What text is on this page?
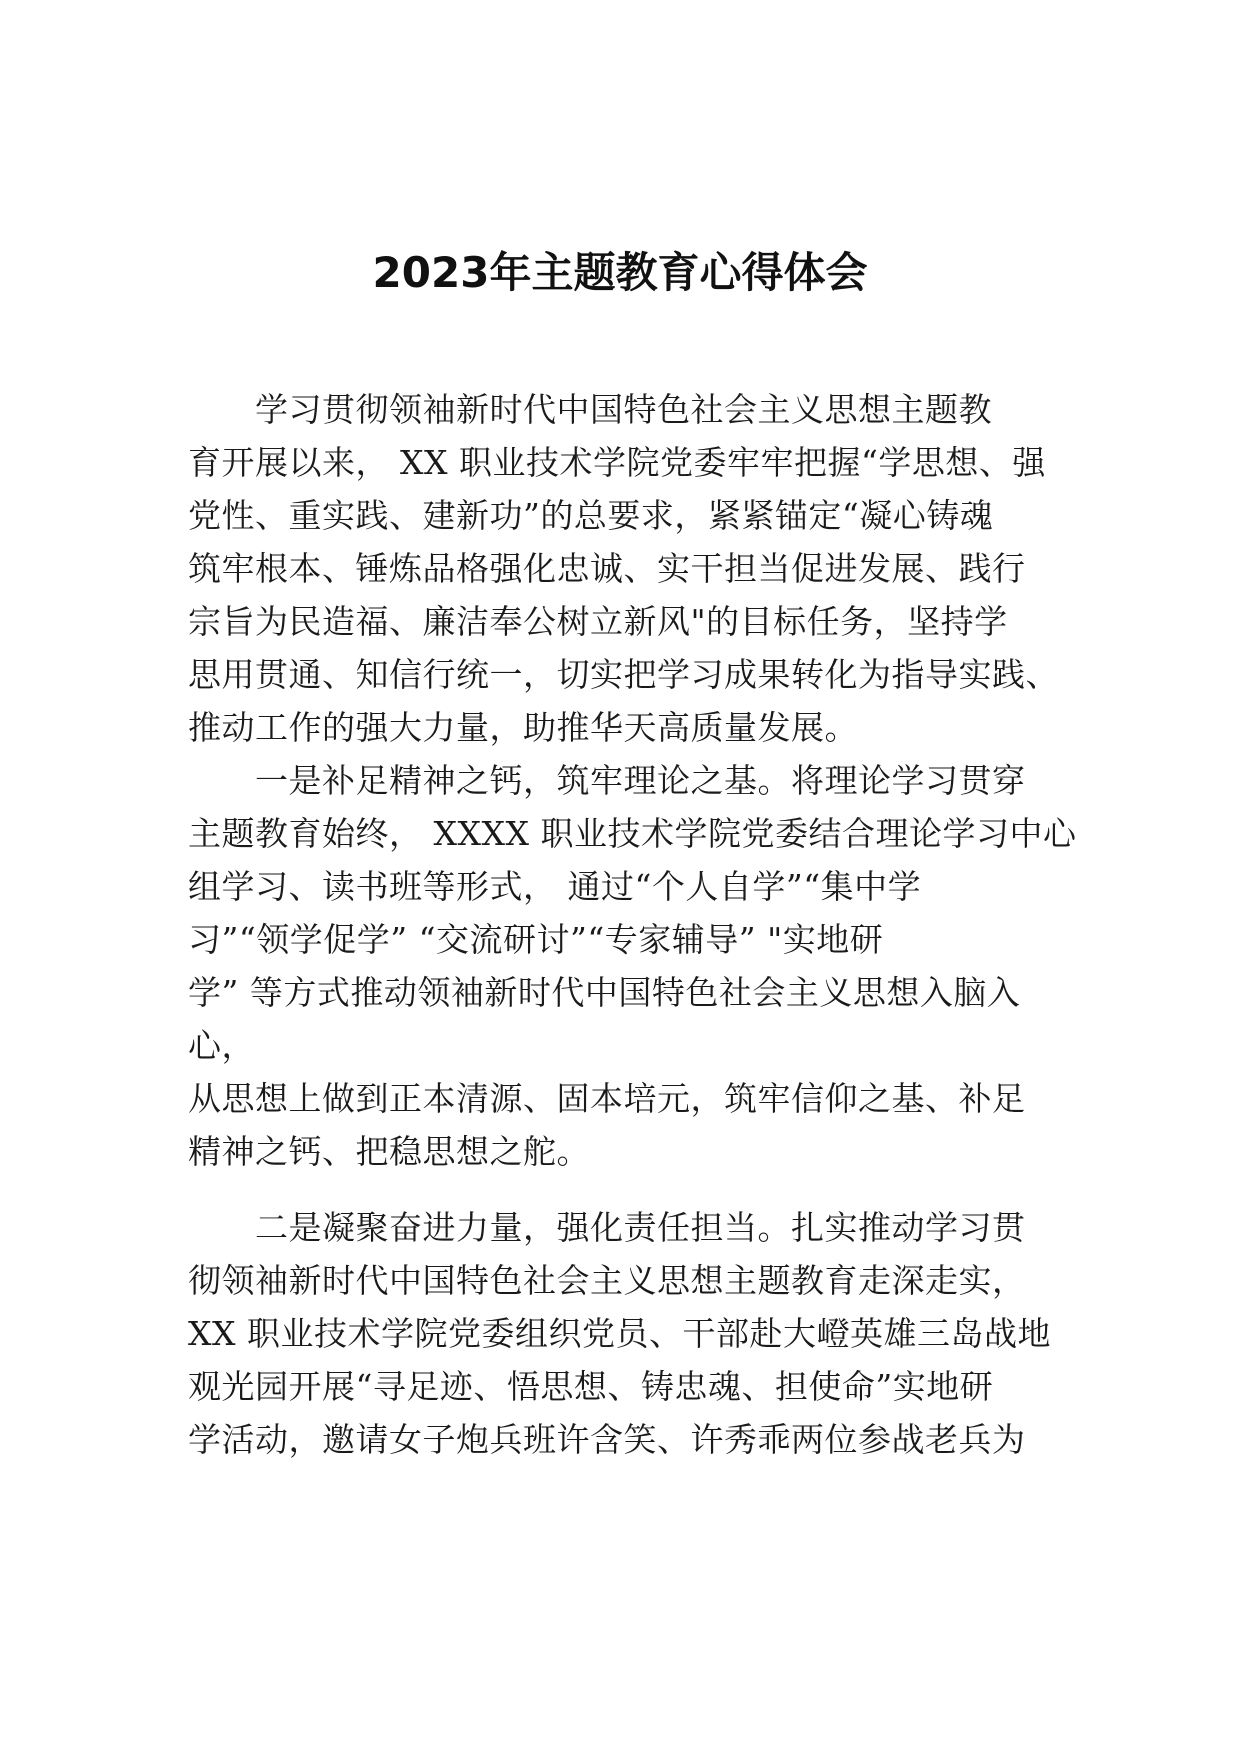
2023年主题教育心得体会

学习贯彻领袖新时代中国特色社会主义思想主题教

育开展以来， XX 职业技术学院党委牢牢把握“学思想、强

党性、重实践、建新功”的总要求，紧紧锚定“凝心铸魂

筑牢根本、锤炼品格强化忠诚、实干担当促进发展、践行

宗旨为民造福、廉洁奉公树立新风"的目标任务，坚持学

思用贯通、知信行统一，切实把学习成果转化为指导实践、

推动工作的强大力量，助推华天高质量发展。

一是补足精神之钙，筑牢理论之基。将理论学习贯穿

主题教育始终， XXXX 职业技术学院党委结合理论学习中心

组学习、读书班等形式， 通过“个人自学”“集中学

习”“领学促学” “交流研讨”“专家辅导” "实地研

学” 等方式推动领袖新时代中国特色社会主义思想入脑入

心，

从思想上做到正本清源、固本培元，筑牢信仰之基、补足

精神之钙、把稳思想之舵。

二是凝聚奋进力量，强化责任担当。扎实推动学习贯

彻领袖新时代中国特色社会主义思想主题教育走深走实，

XX 职业技术学院党委组织党员、干部赴大嶝英雄三岛战地

观光园开展“寻足迹、悟思想、铸忠魂、担使命”实地研

学活动，邀请女子炮兵班许含笑、许秀乖两位参战老兵为
